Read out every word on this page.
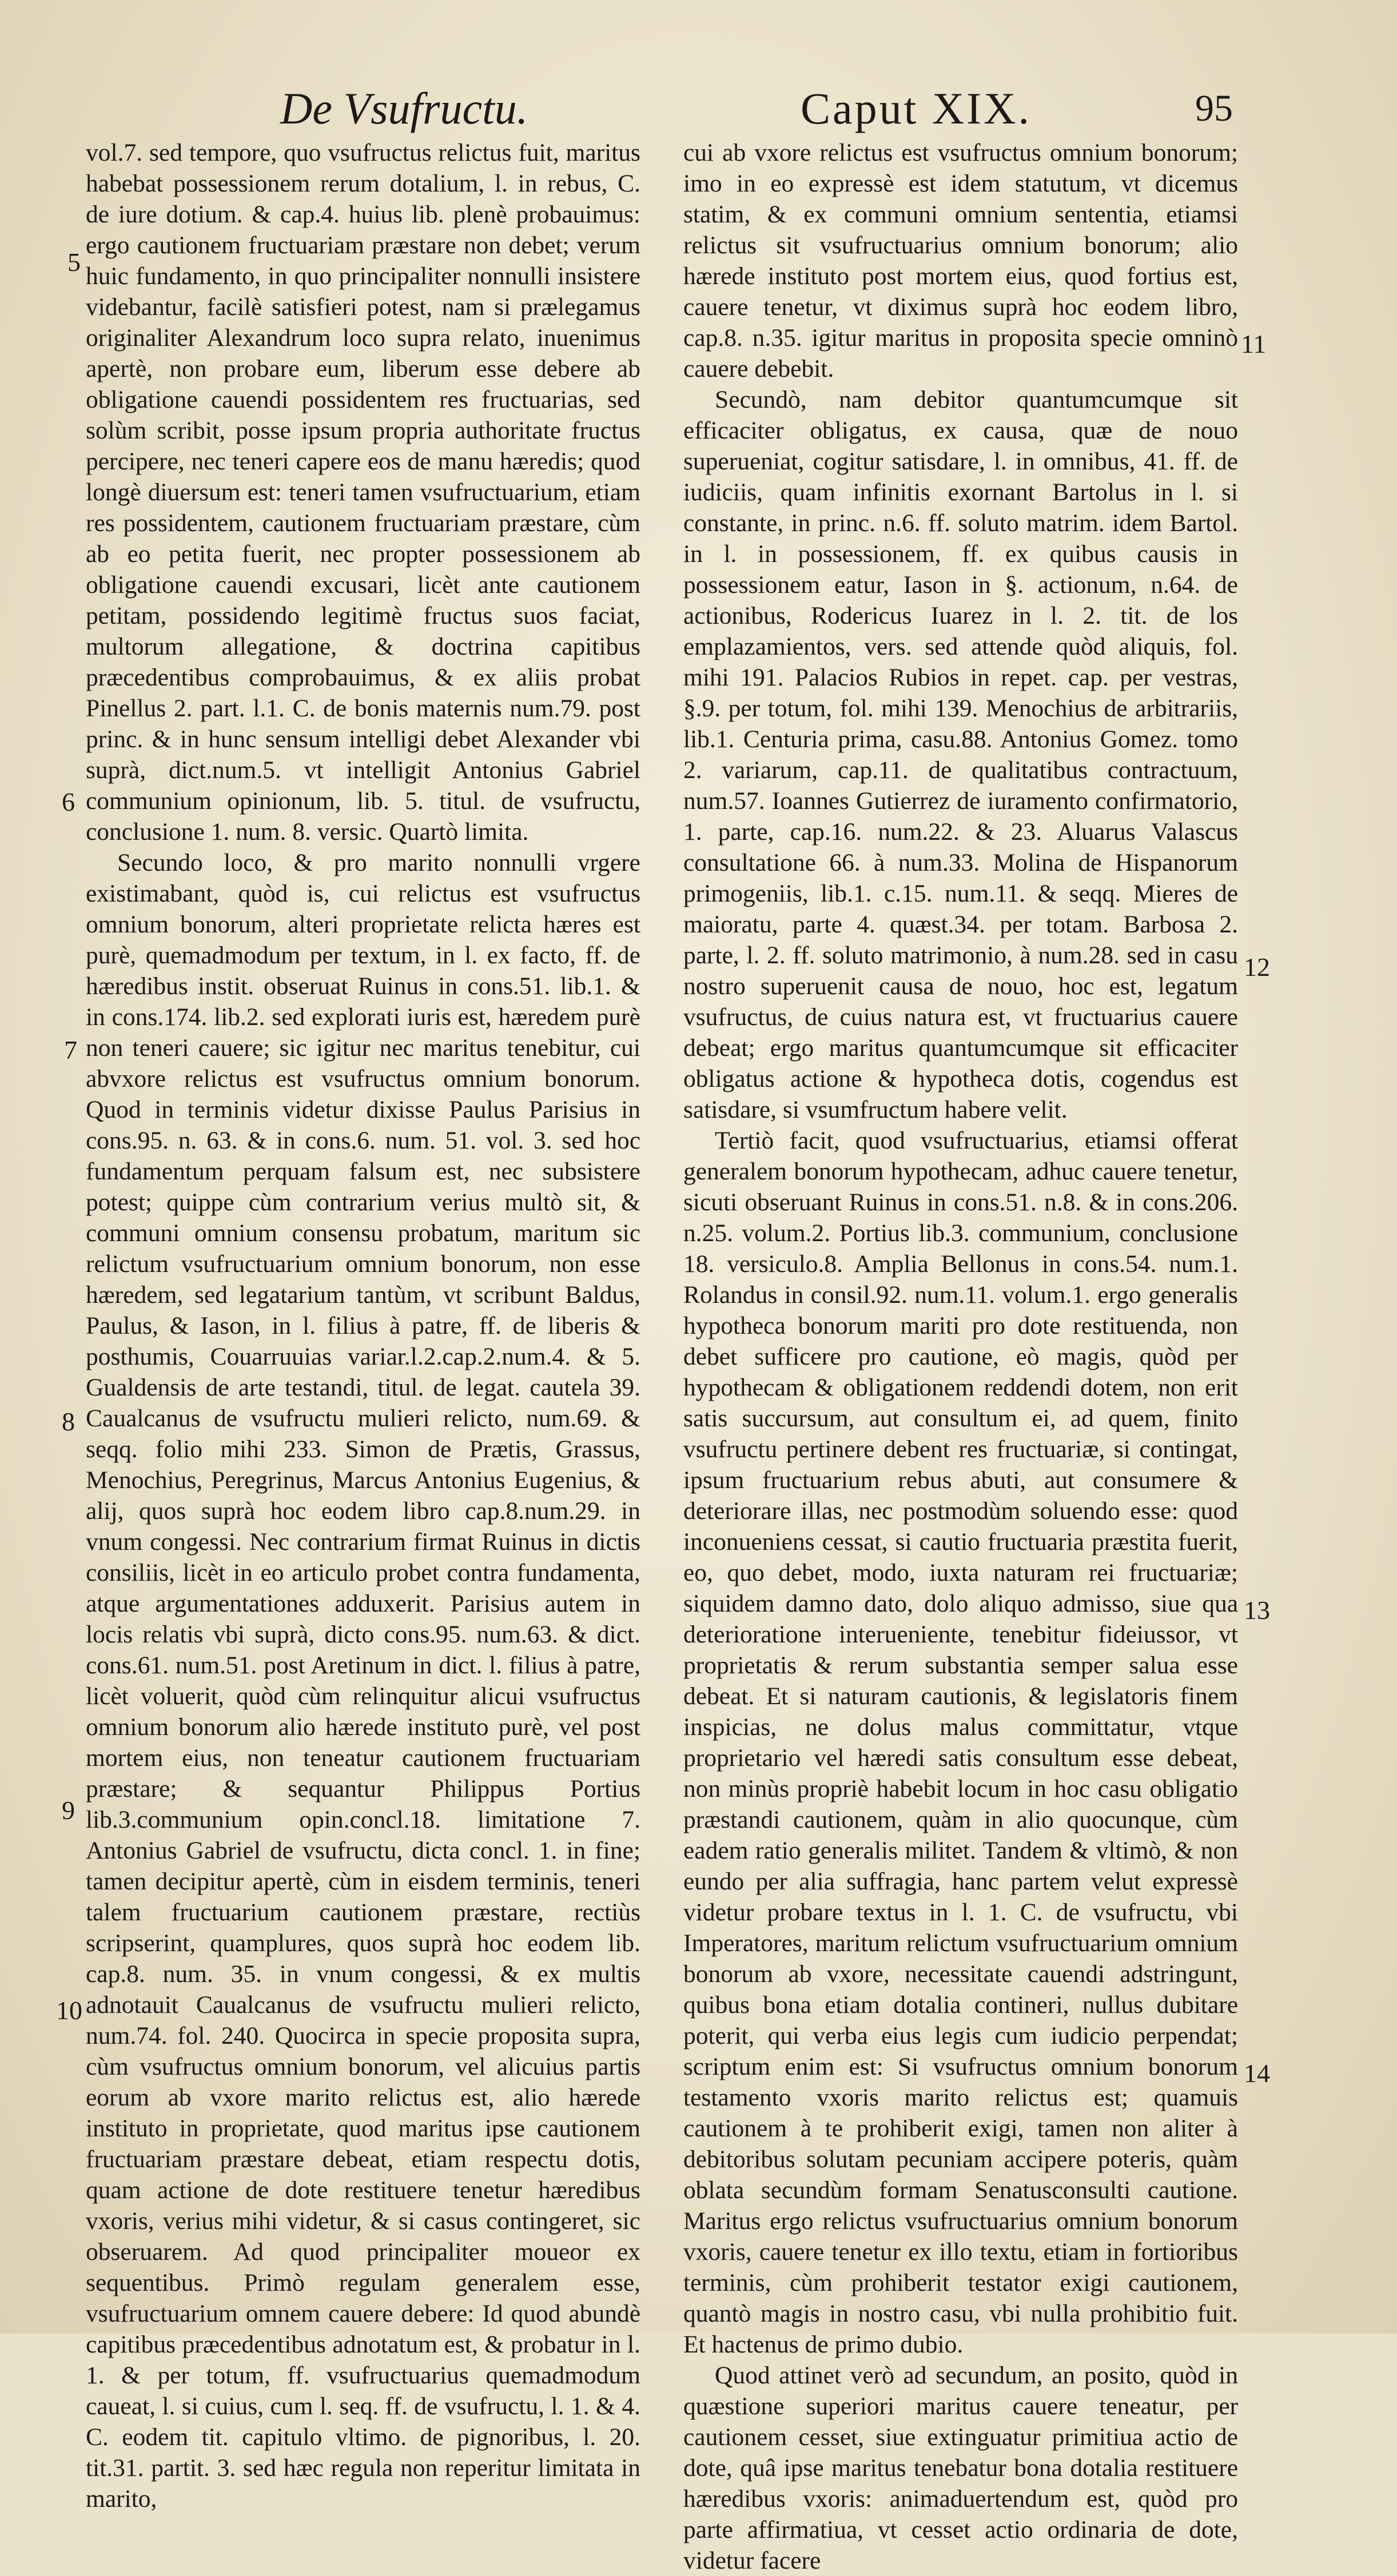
De Vsufructu.	Caput XIX.	95

vol.7. sed tempore, quo vsufructus relictus fuit, maritus habebat possessionem rerum dotalium, l. in rebus, C. de iure dotium. & cap.4. huius lib. plenè probauimus: ergo cautionem fructuariam præstare non debet; verum huic fundamento, in quo principaliter nonnulli insistere videbantur, facilè satisfieri potest, nam si prælegamus originaliter Alexandrum loco supra relato, inuenimus apertè, non probare eum, liberum esse debere ab obligatione cauendi possidentem res fructuarias, sed solùm scribit, posse ipsum propria authoritate fructus percipere, nec teneri capere eos de manu hæredis; quod longè diuersum est: teneri tamen vsufructuarium, etiam res possidentem, cautionem fructuariam præstare, cùm ab eo petita fuerit, nec propter possessionem ab obligatione cauendi excusari, licèt ante cautionem petitam, possidendo legitimè fructus suos faciat, multorum allegatione, & doctrina capitibus præcedentibus comprobauimus, & ex aliis probat Pinellus 2. part. l.1. C. de bonis maternis num.79. post princ. & in hunc sensum intelligi debet Alexander vbi suprà, dict.num.5. vt intelligit Antonius Gabriel communium opinionum, lib. 5. titul. de vsufructu, conclusione 1. num. 8. versic. Quartò limita.

Secundo loco, & pro marito nonnulli vrgere existimabant, quòd is, cui relictus est vsufructus omnium bonorum, alteri proprietate relicta hæres est purè, quemadmodum per textum, in l. ex facto, ff. de hæredibus instit. obseruat Ruinus in cons.51. lib.1. & in cons.174. lib.2. sed explorati iuris est, hæredem purè non teneri cauere; sic igitur nec maritus tenebitur, cui abvxore relictus est vsufructus omnium bonorum. Quod in terminis videtur dixisse Paulus Parisius in cons.95. n. 63. & in cons.6. num. 51. vol. 3. sed hoc fundamentum perquam falsum est, nec subsistere potest; quippe cùm contrarium verius multò sit, & communi omnium consensu probatum, maritum sic relictum vsufructuarium omnium bonorum, non esse hæredem, sed legatarium tantùm, vt scribunt Baldus, Paulus, & Iason, in l. filius à patre, ff. de liberis & posthumis, Couarruuias variar.l.2.cap.2.num.4. & 5. Gualdensis de arte testandi, titul. de legat. cautela 39. Caualcanus de vsufructu mulieri relicto, num.69. & seqq. folio mihi 233. Simon de Prætis, Grassus, Menochius, Peregrinus, Marcus Antonius Eugenius, & alij, quos suprà hoc eodem libro cap.8.num.29. in vnum congessi. Nec contrarium firmat Ruinus in dictis consiliis, licèt in eo articulo probet contra fundamenta, atque argumentationes adduxerit. Parisius autem in locis relatis vbi suprà, dicto cons.95. num.63. & dict. cons.61. num.51. post Aretinum in dict. l. filius à patre, licèt voluerit, quòd cùm relinquitur alicui vsufructus omnium bonorum alio hærede instituto purè, vel post mortem eius, non teneatur cautionem fructuariam præstare; & sequantur Philippus Portius lib.3.communium opin.concl.18. limitatione 7. Antonius Gabriel de vsufructu, dicta concl. 1. in fine; tamen decipitur apertè, cùm in eisdem terminis, teneri talem fructuarium cautionem præstare, rectiùs scripserint, quamplures, quos suprà hoc eodem lib. cap.8. num. 35. in vnum congessi, & ex multis adnotauit Caualcanus de vsufructu mulieri relicto, num.74. fol. 240. Quocirca in specie proposita supra, cùm vsufructus omnium bonorum, vel alicuius partis eorum ab vxore marito relictus est, alio hærede instituto in proprietate, quod maritus ipse cautionem fructuariam præstare debeat, etiam respectu dotis, quam actione de dote restituere tenetur hæredibus vxoris, verius mihi videtur, & si casus contingeret, sic obseruarem. Ad quod principaliter moueor ex sequentibus. Primò regulam generalem esse, vsufructuarium omnem cauere debere: Id quod abundè capitibus præcedentibus adnotatum est, & probatur in l. 1. & per totum, ff. vsufructuarius quemadmodum caueat, l. si cuius, cum l. seq. ff. de vsufructu, l. 1. & 4. C. eodem tit. capitulo vltimo. de pignoribus, l. 20. tit.31. partit. 3. sed hæc regula non reperitur limitata in marito,

cui ab vxore relictus est vsufructus omnium bonorum; imo in eo expressè est idem statutum, vt dicemus statim, & ex communi omnium sententia, etiamsi relictus sit vsufructuarius omnium bonorum; alio hærede instituto post mortem eius, quod fortius est, cauere tenetur, vt diximus suprà hoc eodem libro, cap.8. n.35. igitur maritus in proposita specie omninò cauere debebit.

Secundò, nam debitor quantumcumque sit efficaciter obligatus, ex causa, quæ de nouo superueniat, cogitur satisdare, l. in omnibus, 41. ff. de iudiciis, quam infinitis exornant Bartolus in l. si constante, in princ. n.6. ff. soluto matrim. idem Bartol. in l. in possessionem, ff. ex quibus causis in possessionem eatur, Iason in §. actionum, n.64. de actionibus, Rodericus Iuarez in l. 2. tit. de los emplazamientos, vers. sed attende quòd aliquis, fol. mihi 191. Palacios Rubios in repet. cap. per vestras, §.9. per totum, fol. mihi 139. Menochius de arbitrariis, lib.1. Centuria prima, casu.88. Antonius Gomez. tomo 2. variarum, cap.11. de qualitatibus contractuum, num.57. Ioannes Gutierrez de iuramento confirmatorio, 1. parte, cap.16. num.22. & 23. Aluarus Valascus consultatione 66. à num.33. Molina de Hispanorum primogeniis, lib.1. c.15. num.11. & seqq. Mieres de maioratu, parte 4. quæst.34. per totam. Barbosa 2. parte, l. 2. ff. soluto matrimonio, à num.28. sed in casu nostro superuenit causa de nouo, hoc est, legatum vsufructus, de cuius natura est, vt fructuarius cauere debeat; ergo maritus quantumcumque sit efficaciter obligatus actione & hypotheca dotis, cogendus est satisdare, si vsumfructum habere velit.

Tertiò facit, quod vsufructuarius, etiamsi offerat generalem bonorum hypothecam, adhuc cauere tenetur, sicuti obseruant Ruinus in cons.51. n.8. & in cons.206. n.25. volum.2. Portius lib.3. communium, conclusione 18. versiculo.8. Amplia Bellonus in cons.54. num.1. Rolandus in consil.92. num.11. volum.1. ergo generalis hypotheca bonorum mariti pro dote restituenda, non debet sufficere pro cautione, eò magis, quòd per hypothecam & obligationem reddendi dotem, non erit satis succursum, aut consultum ei, ad quem, finito vsufructu pertinere debent res fructuariæ, si contingat, ipsum fructuarium rebus abuti, aut consumere & deteriorare illas, nec postmodùm soluendo esse: quod inconueniens cessat, si cautio fructuaria præstita fuerit, eo, quo debet, modo, iuxta naturam rei fructuariæ; siquidem damno dato, dolo aliquo admisso, siue qua deterioratione interueniente, tenebitur fideiussor, vt proprietatis & rerum substantia semper salua esse debeat. Et si naturam cautionis, & legislatoris finem inspicias, ne dolus malus committatur, vtque proprietario vel hæredi satis consultum esse debeat, non minùs propriè habebit locum in hoc casu obligatio præstandi cautionem, quàm in alio quocunque, cùm eadem ratio generalis militet. Tandem & vltimò, & non eundo per alia suffragia, hanc partem velut expressè videtur probare textus in l. 1. C. de vsufructu, vbi Imperatores, maritum relictum vsufructuarium omnium bonorum ab vxore, necessitate cauendi adstringunt, quibus bona etiam dotalia contineri, nullus dubitare poterit, qui verba eius legis cum iudicio perpendat; scriptum enim est: Si vsufructus omnium bonorum testamento vxoris marito relictus est; quamuis cautionem à te prohiberit exigi, tamen non aliter à debitoribus solutam pecuniam accipere poteris, quàm oblata secundùm formam Senatusconsulti cautione. Maritus ergo relictus vsufructuarius omnium bonorum vxoris, cauere tenetur ex illo textu, etiam in fortioribus terminis, cùm prohiberit testator exigi cautionem, quantò magis in nostro casu, vbi nulla prohibitio fuit. Et hactenus de primo dubio.

Quod attinet verò ad secundum, an posito, quòd in quæstione superiori maritus cauere teneatur, per cautionem cesset, siue extinguatur primitiua actio de dote, quâ ipse maritus tenebatur bona dotalia restituere hæredibus vxoris: animaduertendum est, quòd pro parte affirmatiua, vt cesset actio ordinaria de dote, videtur facere

5
6
7
8
9
10
11
12
13
14
